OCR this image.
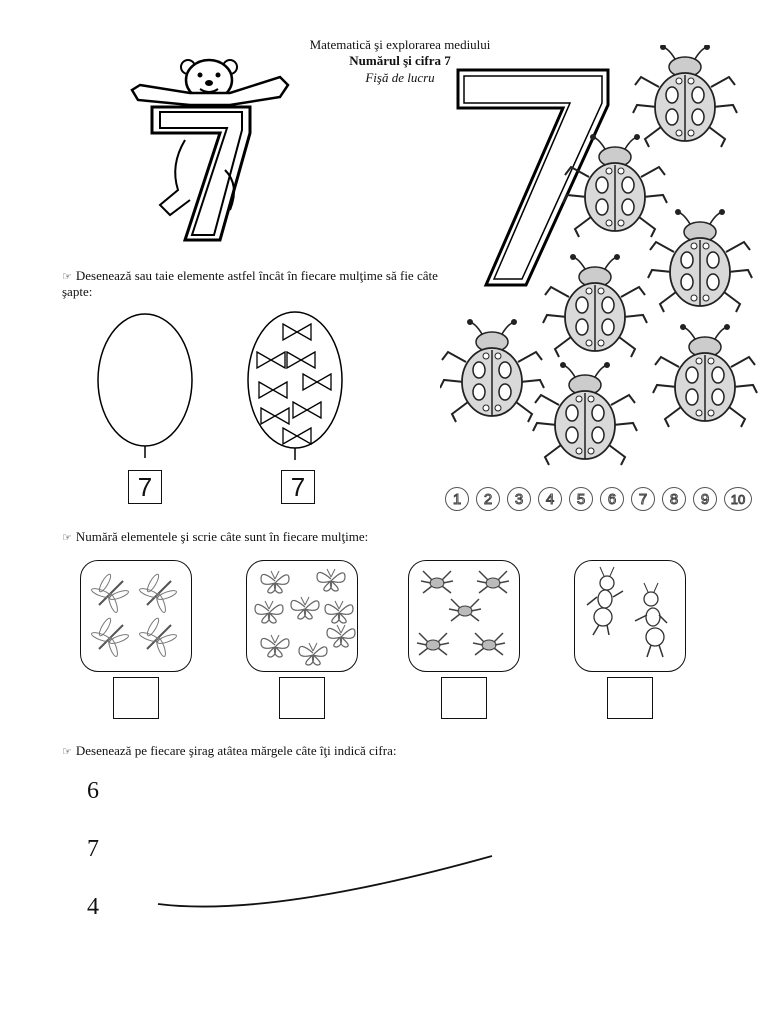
Matematică şi explorarea mediului
Numărul şi cifra 7
Fişă de lucru
1	2	3	4	5	6	7	8	9	10
☞ Desenează sau taie elemente astfel încât în fiecare mulţime să fie câte şapte:
7	7
☞ Numără elementele şi scrie câte sunt în fiecare mulţime:
☞ Desenează pe fiecare şirag atâtea mărgele câte îţi indică cifra:
6
7
4
